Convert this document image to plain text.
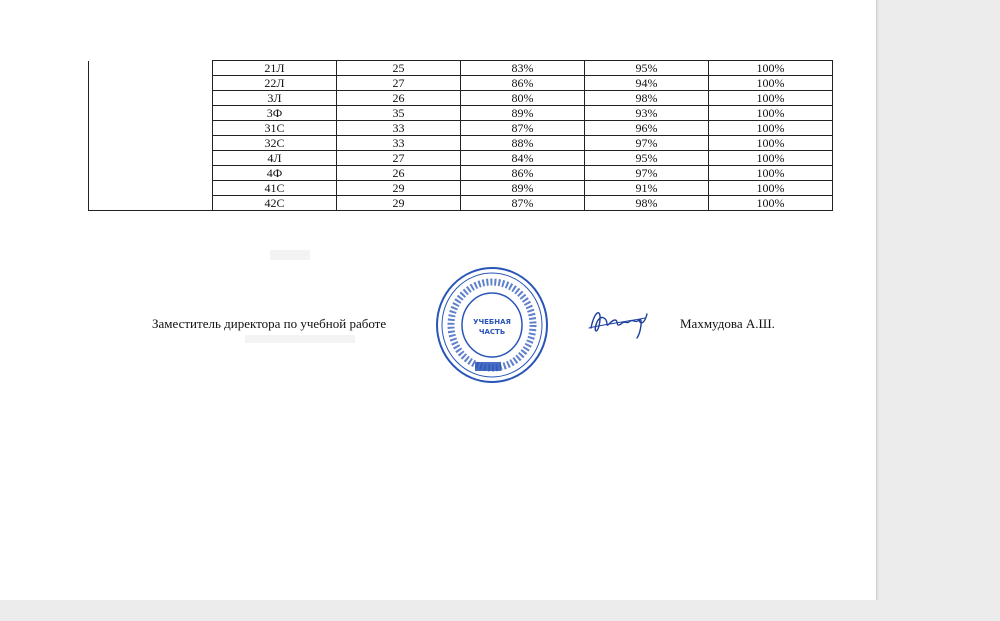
	21Л	25	83%	95%	100%
	22Л	27	86%	94%	100%
	3Л	26	80%	98%	100%
	3Ф	35	89%	93%	100%
	31С	33	87%	96%	100%
	32С	33	88%	97%	100%
	4Л	27	84%	95%	100%
	4Ф	26	86%	97%	100%
	41С	29	89%	91%	100%
	42С	29	87%	98%	100%
Заместитель директора по учебной работе	УЧЕБНАЯ
ЧАСТЬ
Махмудова А.Ш.
